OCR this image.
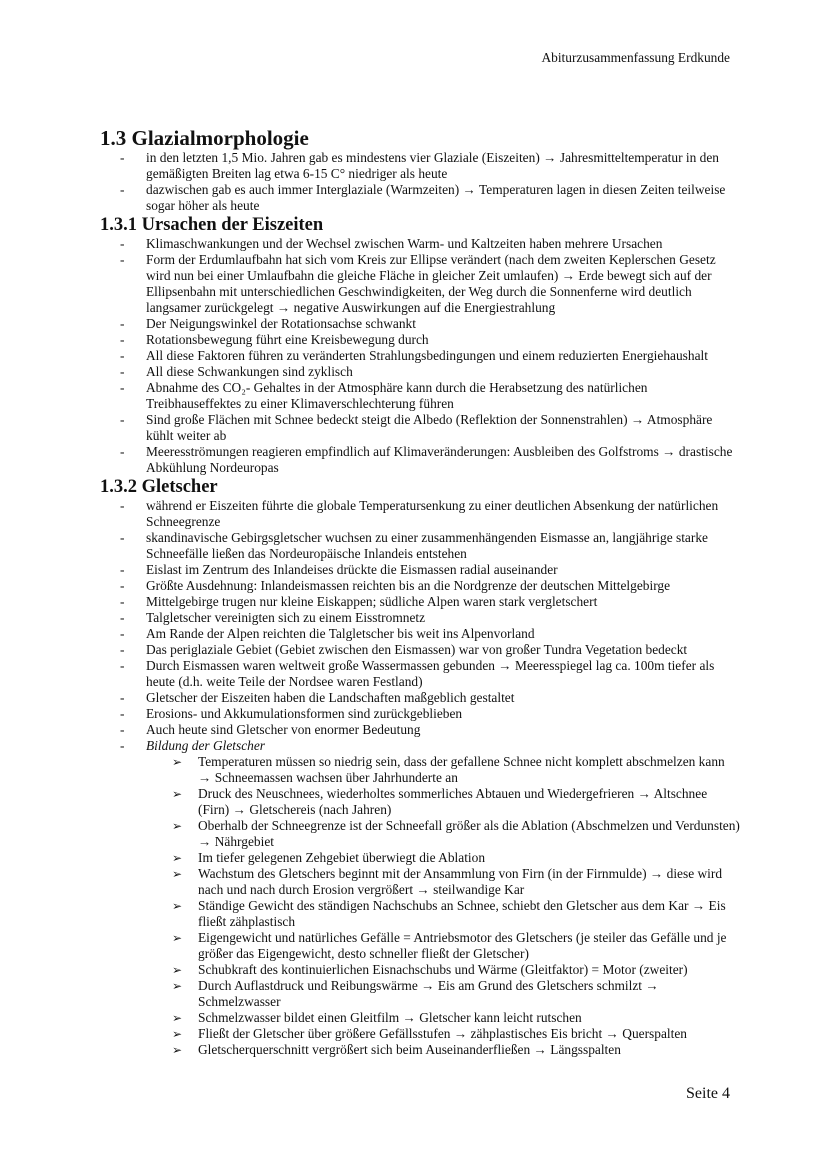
Abiturzusammenfassung Erdkunde
1.3 Glazialmorphologie
- in den letzten 1,5 Mio. Jahren gab es mindestens vier Glaziale (Eiszeiten) → Jahresmitteltemperatur in den gemäßigten Breiten lag etwa 6-15 C° niedriger als heute
- dazwischen gab es auch immer Interglaziale (Warmzeiten) → Temperaturen lagen in diesen Zeiten teilweise sogar höher als heute
1.3.1 Ursachen der Eiszeiten
- Klimaschwankungen und der Wechsel zwischen Warm- und Kaltzeiten haben mehrere Ursachen
- Form der Erdumlaufbahn hat sich vom Kreis zur Ellipse verändert (nach dem zweiten Keplerschen Gesetz wird nun bei einer Umlaufbahn die gleiche Fläche in gleicher Zeit umlaufen) → Erde bewegt sich auf der Ellipsenbahn mit unterschiedlichen Geschwindigkeiten, der Weg durch die Sonnenferne wird deutlich langsamer zurückgelegt → negative Auswirkungen auf die Energiestrahlung
- Der Neigungswinkel der Rotationsachse schwankt
- Rotationsbewegung führt eine Kreisbewegung durch
- All diese Faktoren führen zu veränderten Strahlungsbedingungen und einem reduzierten Energiehaushalt
- All diese Schwankungen sind zyklisch
- Abnahme des CO₂- Gehaltes in der Atmosphäre kann durch die Herabsetzung des natürlichen Treibhauseffektes zu einer Klimaverschlechterung führen
- Sind große Flächen mit Schnee bedeckt steigt die Albedo (Reflektion der Sonnenstrahlen) → Atmosphäre kühlt weiter ab
- Meeresströmungen reagieren empfindlich auf Klimaveränderungen: Ausbleiben des Golfstroms → drastische Abkühlung Nordeuropas
1.3.2 Gletscher
- während er Eiszeiten führte die globale Temperatursenkung zu einer deutlichen Absenkung der natürlichen Schneegrenze
- skandinavische Gebirgsgletscher wuchsen zu einer zusammenhängenden Eismasse an, langjährige starke Schneefälle ließen das Nordeuropäische Inlandeis entstehen
- Eislast im Zentrum des Inlandeises drückte die Eismassen radial auseinander
- Größte Ausdehnung: Inlandeismassen reichten bis an die Nordgrenze der deutschen Mittelgebirge
- Mittelgebirge trugen nur kleine Eiskappen; südliche Alpen waren stark vergletschert
- Talgletscher vereinigten sich zu einem Eisstromnetz
- Am Rande der Alpen reichten die Talgletscher bis weit ins Alpenvorland
- Das periglaziale Gebiet (Gebiet zwischen den Eismassen) war von großer Tundra Vegetation bedeckt
- Durch Eismassen waren weltweit große Wassermassen gebunden → Meeresspiegel lag ca. 100m tiefer als heute (d.h. weite Teile der Nordsee waren Festland)
- Gletscher der Eiszeiten haben die Landschaften maßgeblich gestaltet
- Erosions- und Akkumulationsformen sind zurückgeblieben
- Auch heute sind Gletscher von enormer Bedeutung
- Bildung der Gletscher
➢ Temperaturen müssen so niedrig sein, dass der gefallene Schnee nicht komplett abschmelzen kann → Schneemassen wachsen über Jahrhunderte an
➢ Druck des Neuschnees, wiederholtes sommerliches Abtauen und Wiedergefrieren → Altschnee (Firn) → Gletschereis (nach Jahren)
➢ Oberhalb der Schneegrenze ist der Schneefall größer als die Ablation (Abschmelzen und Verdunsten) → Nährgebiet
➢ Im tiefer gelegenen Zehgebiet überwiegt die Ablation
➢ Wachstum des Gletschers beginnt mit der Ansammlung von Firn (in der Firnmulde) → diese wird nach und nach durch Erosion vergrößert → steilwandige Kar
➢ Ständige Gewicht des ständigen Nachschubs an Schnee, schiebt den Gletscher aus dem Kar → Eis fließt zähplastisch
➢ Eigengewicht und natürliches Gefälle = Antriebsmotor des Gletschers (je steiler das Gefälle und je größer das Eigengewicht, desto schneller fließt der Gletscher)
➢ Schubkraft des kontinuierlichen Eisnachschubs und Wärme (Gleitfaktor) = Motor (zweiter)
➢ Durch Auflastdruck und Reibungswärme → Eis am Grund des Gletschers schmilzt → Schmelzwasser
➢ Schmelzwasser bildet einen Gleitfilm → Gletscher kann leicht rutschen
➢ Fließt der Gletscher über größere Gefällsstufen → zähplastisches Eis bricht → Querspalten
➢ Gletscherquerschnitt vergrößert sich beim Auseinanderfließen → Längsspalten
Seite 4
